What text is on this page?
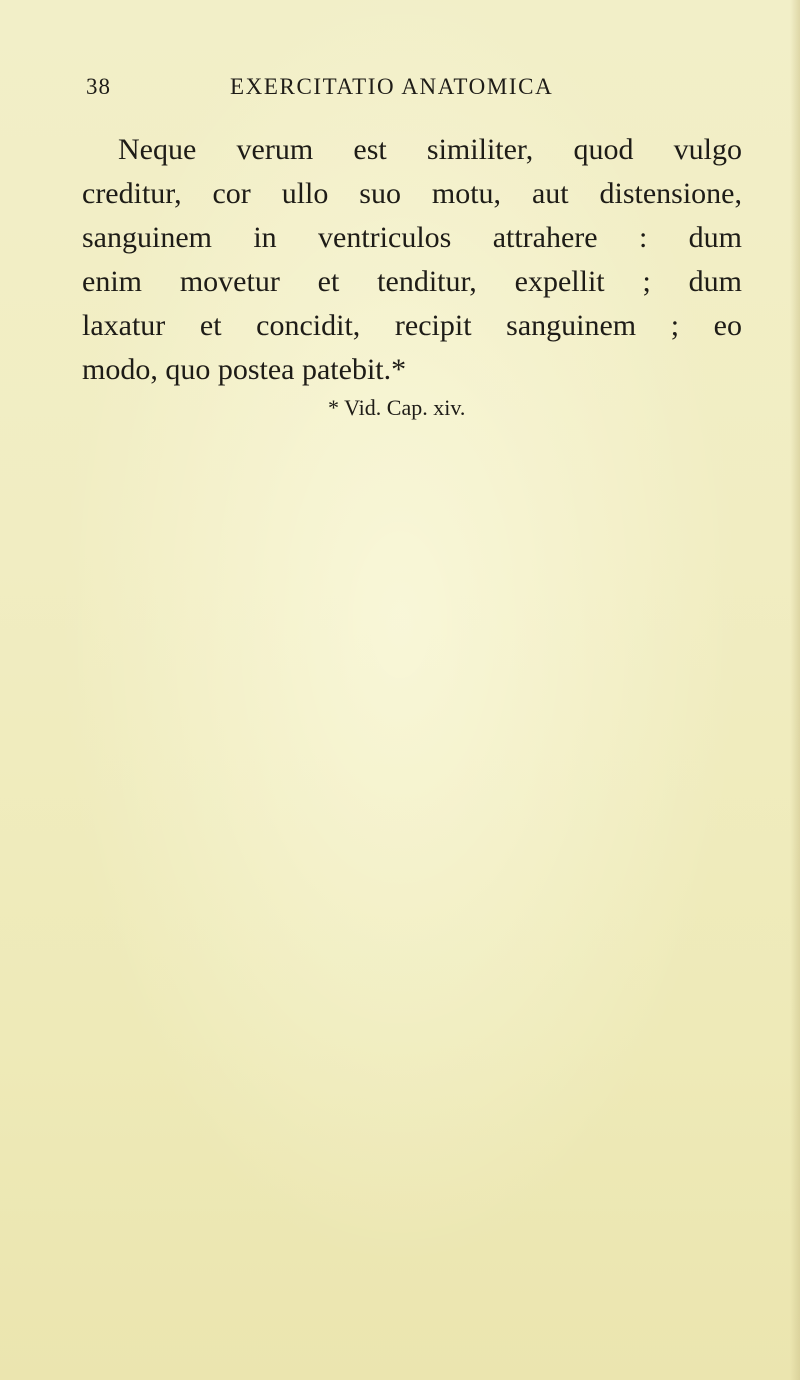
38	EXERCITATIO ANATOMICA

Neque verum est similiter, quod vulgo
creditur, cor ullo suo motu, aut distensione,
sanguinem in ventriculos attrahere : dum
enim movetur et tenditur, expellit ; dum
laxatur et concidit, recipit sanguinem ; eo
modo, quo postea patebit.*

* Vid. Cap. xiv.
